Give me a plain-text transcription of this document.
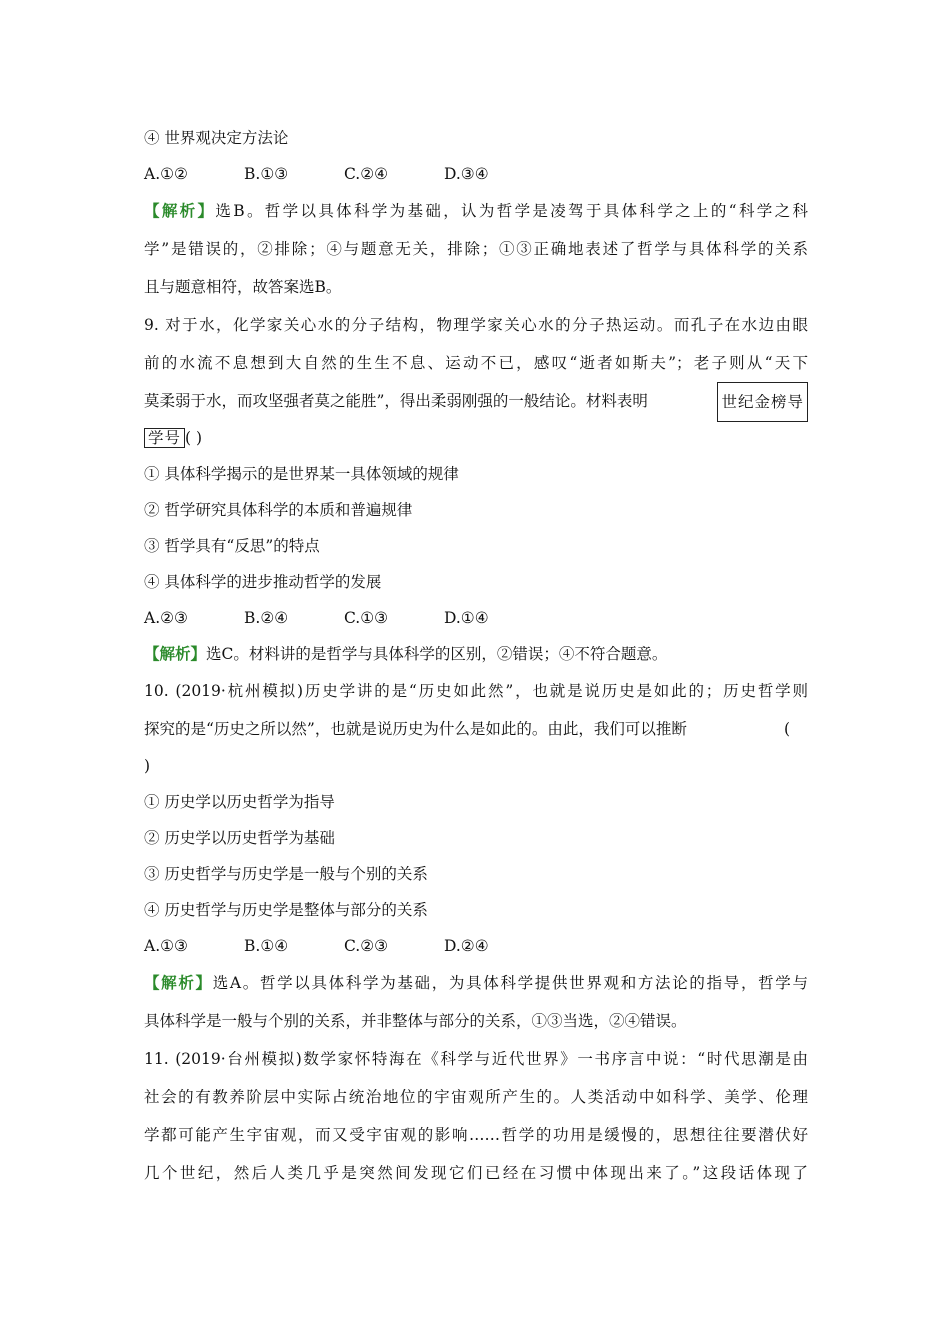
④ 世界观决定方法论
A.①②	B.①③	C.②④	D.③④
【解析】选B。哲学以具体科学为基础，认为哲学是凌驾于具体科学之上的“科学之科
学”是错误的，②排除；④与题意无关，排除；①③正确地表述了哲学与具体科学的关系
且与题意相符，故答案选B。
9. 对于水，化学家关心水的分子结构，物理学家关心水的分子热运动。而孔子在水边由眼
前的水流不息想到大自然的生生不息、运动不已，感叹“逝者如斯夫”；老子则从“天下
莫柔弱于水，而攻坚强者莫之能胜”，得出柔弱刚强的一般结论。材料表明	世纪金榜导
学号 ( )
① 具体科学揭示的是世界某一具体领域的规律
② 哲学研究具体科学的本质和普遍规律
③ 哲学具有“反思”的特点
④ 具体科学的进步推动哲学的发展
A.②③	B.②④	C.①③	D.①④
【解析】选C。材料讲的是哲学与具体科学的区别，②错误；④不符合题意。
10. (2019·杭州模拟)历史学讲的是“历史如此然”，也就是说历史是如此的；历史哲学则
探究的是“历史之所以然”，也就是说历史为什么是如此的。由此，我们可以推断	(
)
① 历史学以历史哲学为指导
② 历史学以历史哲学为基础
③ 历史哲学与历史学是一般与个别的关系
④ 历史哲学与历史学是整体与部分的关系
A.①③	B.①④	C.②③	D.②④
【解析】选A。哲学以具体科学为基础，为具体科学提供世界观和方法论的指导，哲学与
具体科学是一般与个别的关系，并非整体与部分的关系，①③当选，②④错误。
11. (2019·台州模拟)数学家怀特海在《科学与近代世界》一书序言中说：“时代思潮是由
社会的有教养阶层中实际占统治地位的宇宙观所产生的。人类活动中如科学、美学、伦理
学都可能产生宇宙观，而又受宇宙观的影响……哲学的功用是缓慢的，思想往往要潜伏好
几个世纪，然后人类几乎是突然间发现它们已经在习惯中体现出来了。”这段话体现了
